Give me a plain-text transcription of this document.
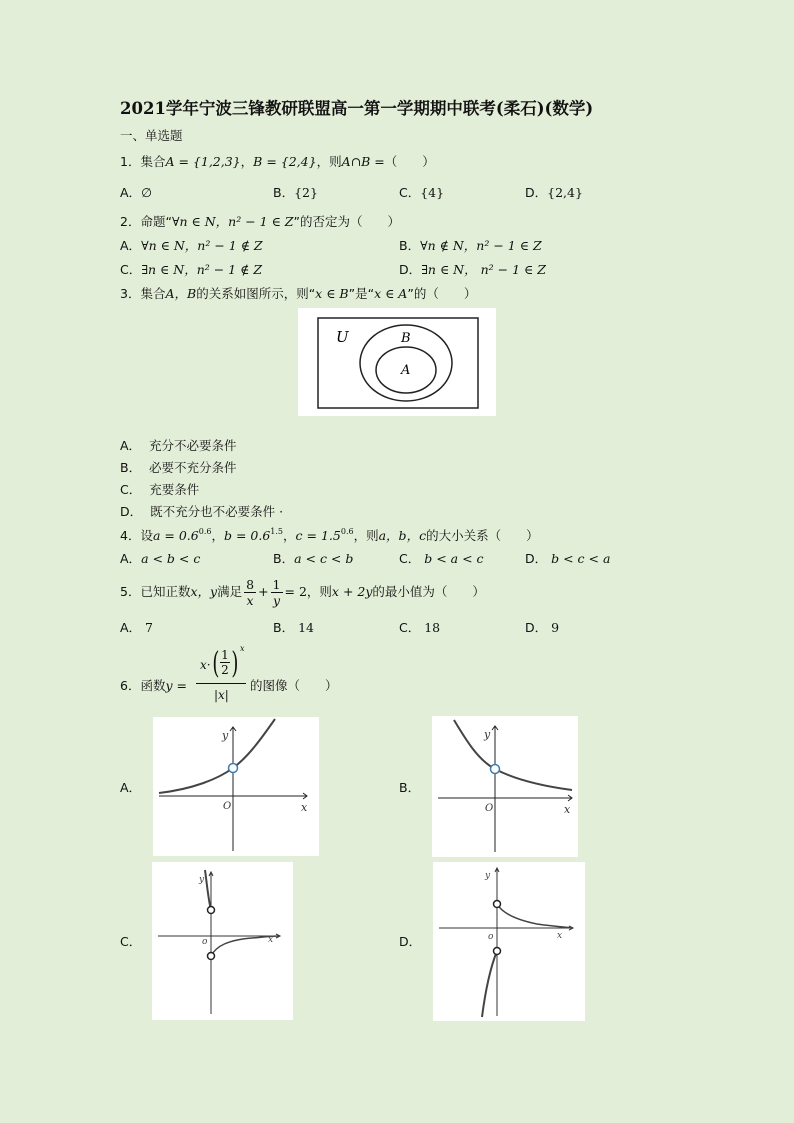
2021学年宁波三锋教研联盟高一第一学期期中联考(柔石)(数学)
一、单选题
1．集合A = {1,2,3}，B = {2,4}，则A∩B =（　　）
A．∅	B．{2}	C．{4}	D．{2,4}
2．命题“∀n ∈ N，n² − 1 ∈ Z”的否定为（　　）
A．∀n ∈ N，n² − 1 ∉ Z	B．∀n ∉ N，n² − 1 ∈ Z
C．∃n ∈ N，n² − 1 ∉ Z	D．∃n ∈ N， n² − 1 ∈ Z
3．集合A，B的关系如图所示，则“x ∈ B”是“x ∈ A”的（　　）
U	B
A
A． 充分不必要条件
B． 必要不充分条件
C． 充要条件
D． 既不充分也不必要条件 ·
4．设$a = 0.6^{0.6}$，$b = 0.6^{1.5}$，$c = 1.5^{0.6}$，则a，b，c的大小关系（　　）
A．a < b < c	B．a < c < b	C． b < a < c	D． b < c < a
5．已知正数x，y满足 $\frac{8}{x} + \frac{1}{y} = 2$，则x + 2y的最小值为（　　）
A． 7	B． 14	C． 18	D． 9
6．函数y =
x· ( 1
2 ) x
|x|
的图像（　　）
A．	B．
C．	D．
y
x
O
y
x
O
y
x
o
y
x
o
